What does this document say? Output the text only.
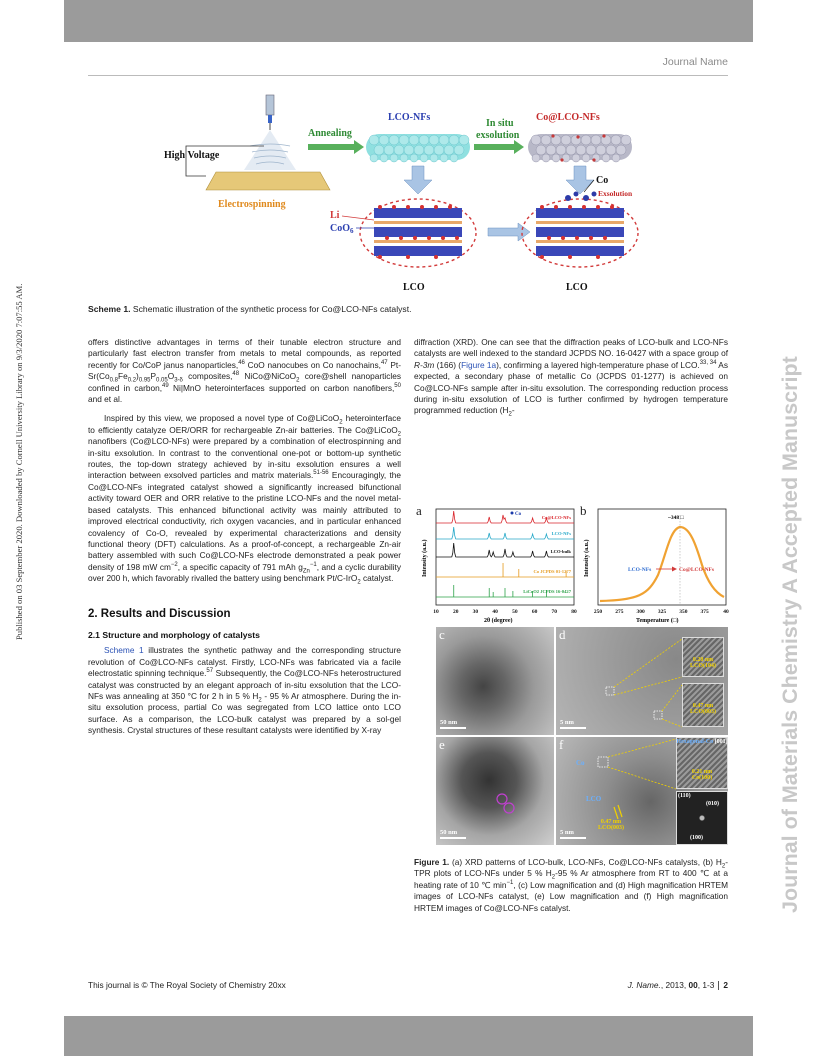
Journal Name
Published on 03 September 2020. Downloaded by Cornell University Library on 9/3/2020 7:07:55 AM.	Journal of Materials Chemistry A Accepted Manuscript
High Voltage
Electrospinning
Annealing
LCO-NFs
In situ
exsolution
Co@LCO-NFs
Li
CoO$_6$
Co
Exsolution
LCO	LCO
Scheme 1. Schematic illustration of the synthetic process for Co@LCO-NFs catalyst.

offers distinctive advantages in terms of their tunable electron structure and particularly fast electron transfer from metals to metal compounds, as reported recently for Co/CoP janus nanoparticles,$^{46}$ CoO nanocubes on Co nanochains,$^{47}$ $Pt-Sr(Co_{0.8}Fe_{0.2})_{0.95}P_{0.05}O_{3-\delta}$ composites,$^{48}$ NiCo@NiCoO$_2$ core@shell nanoparticles confined in carbon,$^{49}$ Ni|MnO heterointerfaces supported on carbon nanofibers,$^{50}$ and et al.

Inspired by this view, we proposed a novel type of Co@LiCoO$_2$ heterointerface to efficiently catalyze OER/ORR for rechargeable Zn-air batteries. The Co@LiCoO$_2$ nanofibers (Co@LCO-NFs) were prepared by a combination of electrospinning and in-situ exsolution. In contrast to the conventional one-pot or bottom-up synthetic routes, the top-down strategy achieved by in-situ exsolution ensures a well interaction between exsolved particles and matrix materials.$^{51-56}$ Encouragingly, the Co@LCO-NFs integrated catalyst showed a significantly increased bifunctional activity toward OER and ORR relative to the pristine LCO-NFs and the novel metal-based catalysts. This enhanced bifunctional activity was mainly attributed to improved electrical conductivity, rich oxygen vacancies, and in particular enhanced covalency of Co-O, revealed by experimental characterizations and density functional theory (DFT) calculations. As a proof-of-concept, a rechargeable Zn-air battery assembled with such Co@LCO-NFs electrode demonstrated a peak power density of 198 mW $cm^{-2}$, a specific capacity of 791 mAh $g_{Zn}^{-1}$, and a cyclic durability over 200 h, which favorably rivalled the battery using benchmark Pt/C-IrO$_2$ catalyst.

2. Results and Discussion
2.1 Structure and morphology of catalysts

Scheme 1 illustrates the synthetic pathway and the corresponding structure revolution of Co@LCO-NFs catalyst. Firstly, LCO-NFs was fabricated via a facile electrostatic spinning technique.$^{57}$ Subsequently, the Co@LCO-NFs heterostructured catalyst was constructed by an elegant approach of in-situ exsolution that the LCO-NFs was annealing at 350 °C for 2 h in 5 % $H_2 - 95$ % Ar atmosphere. During the in-situ exsolution process, partial Co was segregated from LCO lattice onto LCO surface. As a comparison, the LCO-bulk catalyst was prepared by a sol-gel synthesis. Crystal structures of these resultant catalysts were identified by X-ray

diffraction (XRD). One can see that the diffraction peaks of LCO-bulk and LCO-NFs catalysts are well indexed to the standard JCPDS NO. 16-0427 with a space group of R-3m (166) (Figure 1a), confirming a layered high-temperature phase of LCO.$^{33, 34}$ As expected, a secondary phase of metallic Co (JCPDS 01-1277) is achieved on Co@LCO-NFs sample after in-situ exsolution. The corresponding reduction process during in-situ exsolution of LCO is further confirmed by hydrogen temperature programmed reduction ($H_2-$

a
10	20	30	40	50	60	70	80
Intensity (a.u.)
2θ (degree)
Co
Co@LCO-NFs
LCO-NFs
LCO-bulk
Co JCPDS 01-1277
LiCoO2 JCPDS 16-0427
b	~348 □
LCO-NFs	Co@LCO-NFs
250 275 300 325 350 375	40
Intensity (a.u.)
Temperature (□)
c
50 nm
d
0.20 nm
LCO(104)
0.47 nm
LCO(003)
5 nm
e
50 nm
f	Hexagonal-Co [001]
0.21 nm
Co(100)
(110)
(010)
(100)
Co
LCO
0.47 nm
LCO(003)
5 nm
Figure 1. (a) XRD patterns of LCO-bulk, LCO-NFs, Co@LCO-NFs catalysts, (b) $H_2$-TPR plots of LCO-NFs under 5 % $H_2-95$ % Ar atmosphere from RT to 400 ℃ at a heating rate of 10 ℃ $\min^{-1}$, (c) Low magnification and (d) High magnification HRTEM images of LCO-NFs catalyst, (e) Low magnification and (f) High magnification HRTEM images of Co@LCO-NFs catalyst.
This journal is © The Royal Society of Chemistry 20xx	J. Name., 2013, 00, 1-3 2
